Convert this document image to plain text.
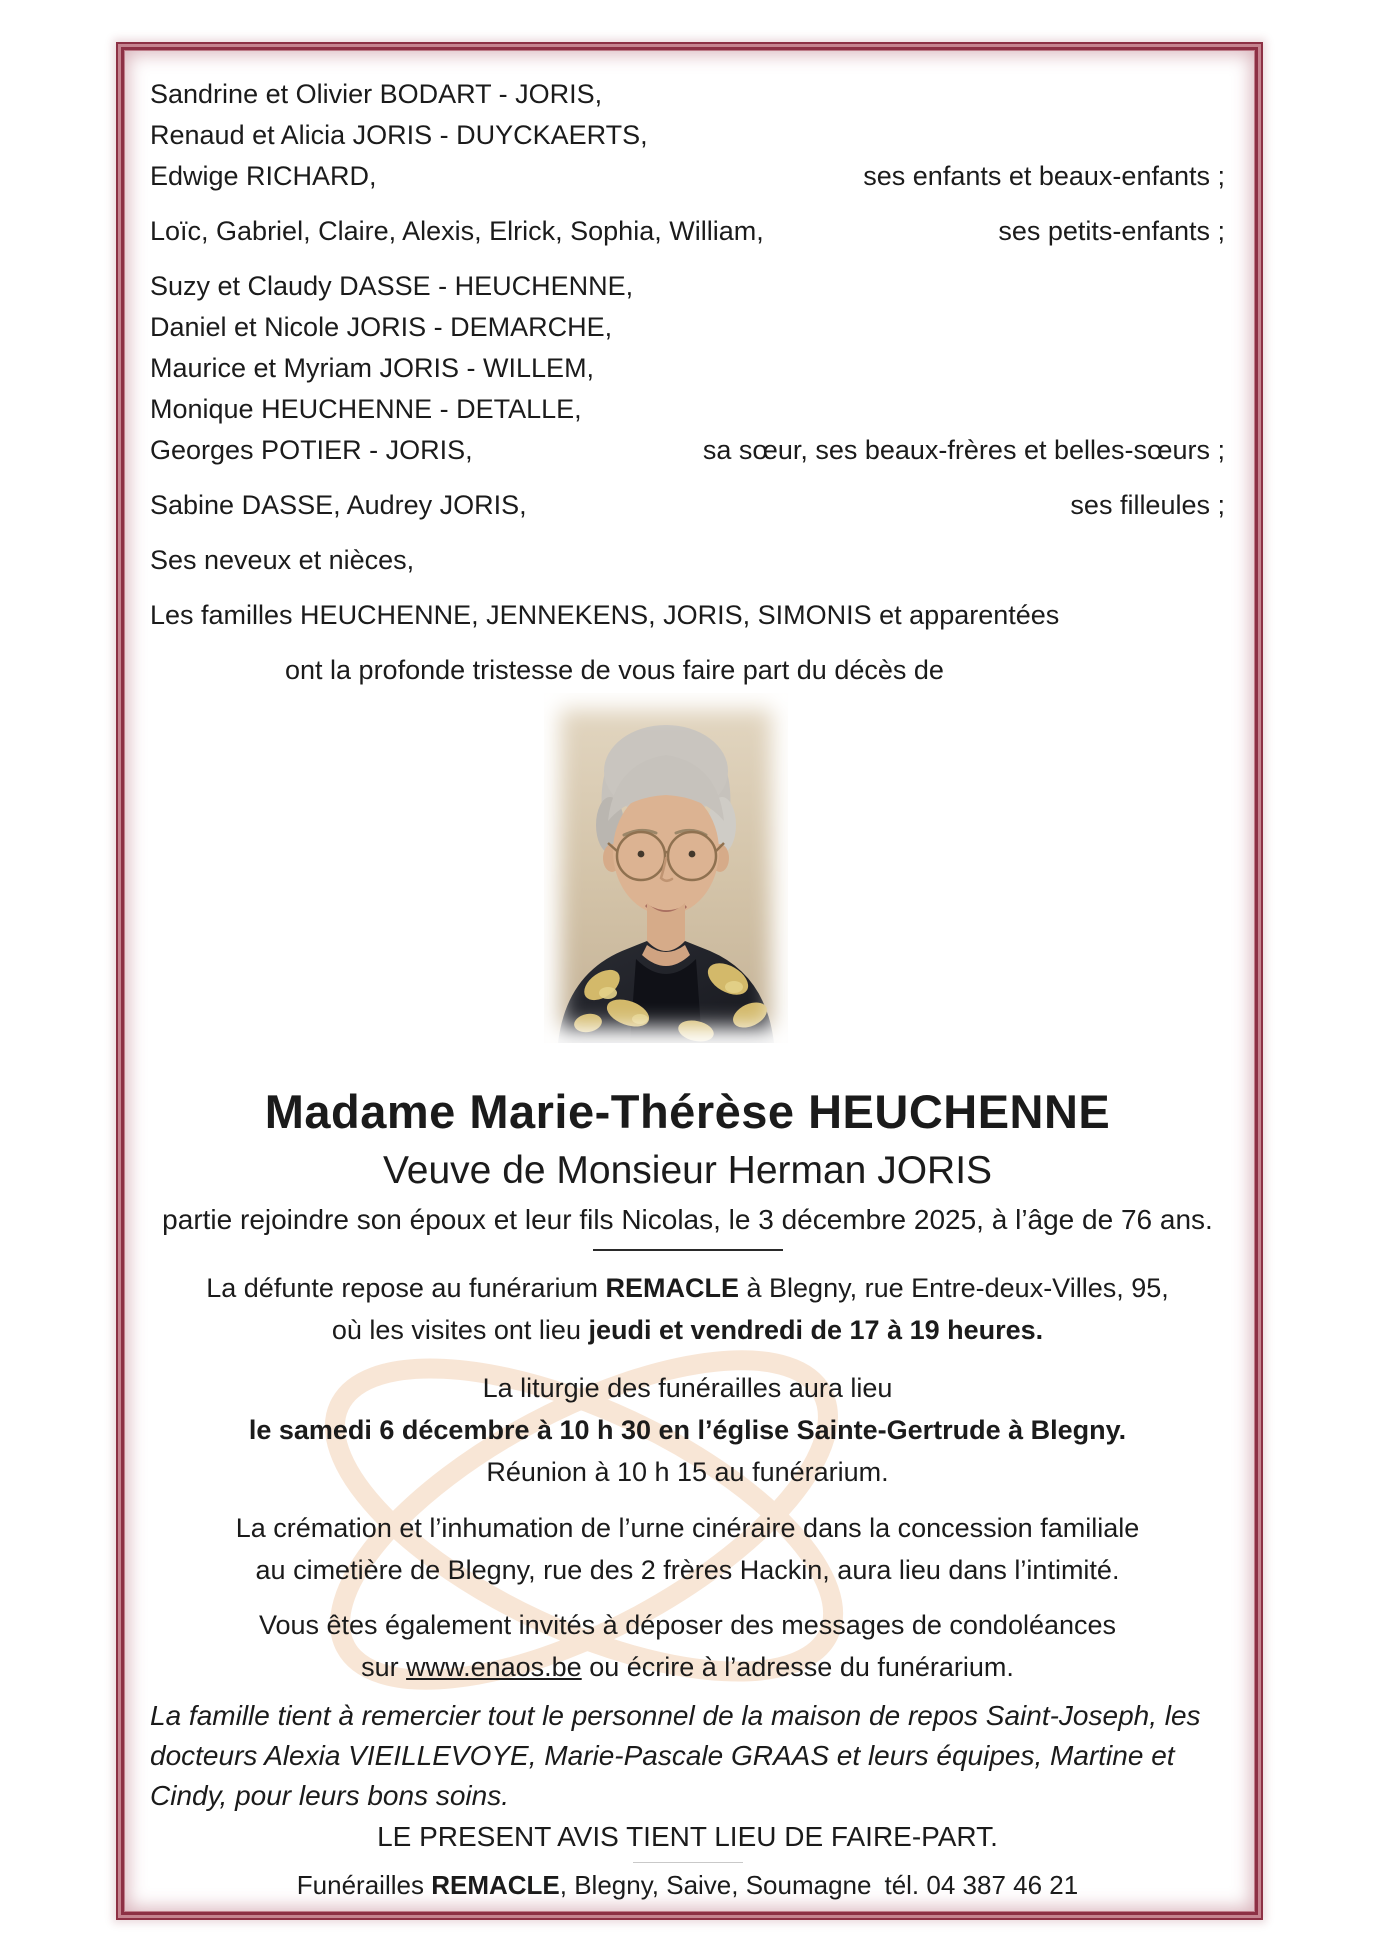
Sandrine et Olivier BODART - JORIS,
Renaud et Alicia JORIS - DUYCKAERTS,
Edwige RICHARD,	ses enfants et beaux-enfants ;
Loïc, Gabriel, Claire, Alexis, Elrick, Sophia, William,	ses petits-enfants ;
Suzy et Claudy DASSE - HEUCHENNE,
Daniel et Nicole JORIS - DEMARCHE,
Maurice et Myriam JORIS - WILLEM,
Monique HEUCHENNE - DETALLE,
Georges POTIER - JORIS,	sa sœur, ses beaux-frères et belles-sœurs ;
Sabine DASSE, Audrey JORIS,	ses filleules ;
Ses neveux et nièces,
Les familles HEUCHENNE, JENNEKENS, JORIS, SIMONIS et apparentées

ont la profonde tristesse de vous faire part du décès de

Madame Marie-Thérèse HEUCHENNE
Veuve de Monsieur Herman JORIS

partie rejoindre son époux et leur fils Nicolas, le 3 décembre 2025, à l’âge de 76 ans.

La défunte repose au funérarium REMACLE à Blegny, rue Entre-deux-Villes, 95,
où les visites ont lieu jeudi et vendredi de 17 à 19 heures.

La liturgie des funérailles aura lieu
le samedi 6 décembre à 10 h 30 en l’église Sainte-Gertrude à Blegny.
Réunion à 10 h 15 au funérarium.

La crémation et l’inhumation de l’urne cinéraire dans la concession familiale
au cimetière de Blegny, rue des 2 frères Hackin, aura lieu dans l’intimité.

Vous êtes également invités à déposer des messages de condoléances
sur www.enaos.be ou écrire à l’adresse du funérarium.

La famille tient à remercier tout le personnel de la maison de repos Saint-Joseph, les
docteurs Alexia VIEILLEVOYE, Marie-Pascale GRAAS et leurs équipes, Martine et
Cindy, pour leurs bons soins.

LE PRESENT AVIS TIENT LIEU DE FAIRE-PART.

Funérailles REMACLE, Blegny, Saive, Soumagne tél. 04 387 46 21
